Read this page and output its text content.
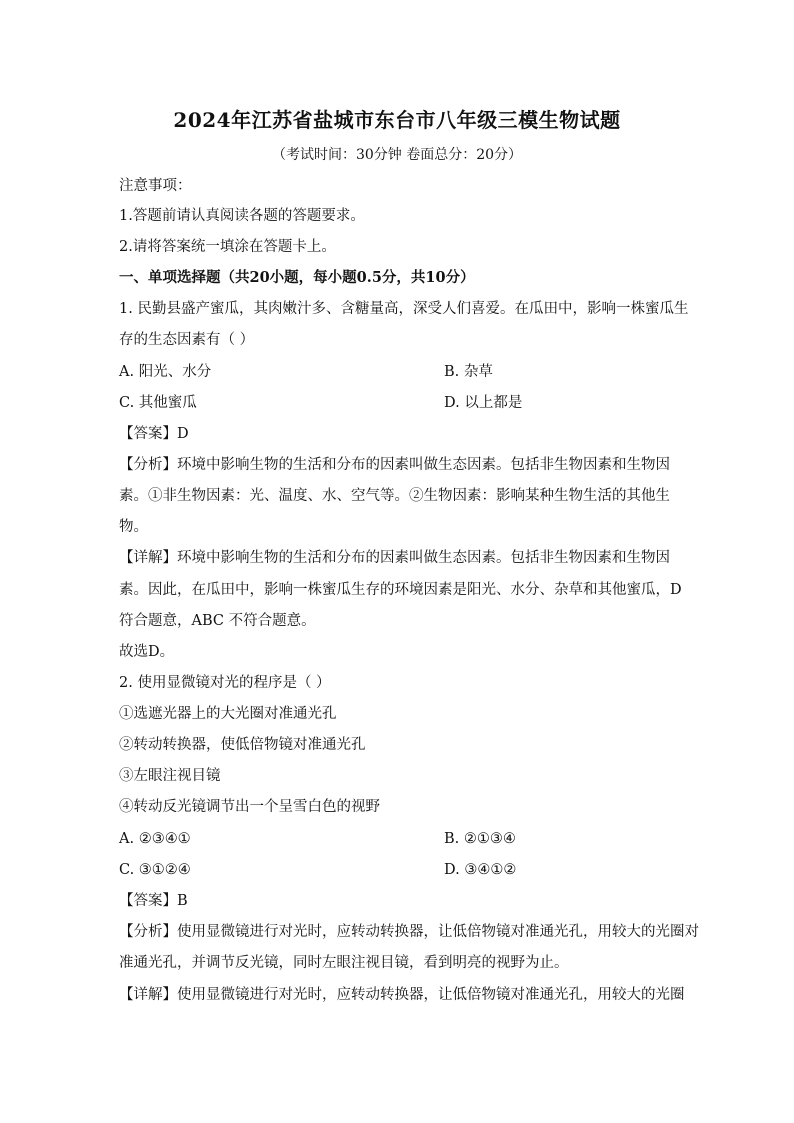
2024年江苏省盐城市东台市八年级三模生物试题
（考试时间：30分钟 卷面总分：20分）
注意事项：
1.答题前请认真阅读各题的答题要求。
2.请将答案统一填涂在答题卡上。
一、单项选择题（共20小题，每小题0.5分，共10分）
1. 民勤县盛产蜜瓜，其肉嫩汁多、含糖量高，深受人们喜爱。在瓜田中，影响一株蜜瓜生
存的生态因素有（ ）
A. 阳光、水分	B. 杂草
C. 其他蜜瓜	D. 以上都是
【答案】D
【分析】环境中影响生物的生活和分布的因素叫做生态因素。包括非生物因素和生物因
素。①非生物因素：光、温度、水、空气等。②生物因素：影响某种生物生活的其他生
物。
【详解】环境中影响生物的生活和分布的因素叫做生态因素。包括非生物因素和生物因
素。因此，在瓜田中，影响一株蜜瓜生存的环境因素是阳光、水分、杂草和其他蜜瓜，D
符合题意，ABC 不符合题意。
故选D。
2. 使用显微镜对光的程序是（ ）
①选遮光器上的大光圈对准通光孔
②转动转换器，使低倍物镜对准通光孔
③左眼注视目镜
④转动反光镜调节出一个呈雪白色的视野
A. ②③④①	B. ②①③④
C. ③①②④	D. ③④①②
【答案】B
【分析】使用显微镜进行对光时，应转动转换器，让低倍物镜对准通光孔，用较大的光圈对
准通光孔，并调节反光镜，同时左眼注视目镜，看到明亮的视野为止。
【详解】使用显微镜进行对光时，应转动转换器，让低倍物镜对准通光孔，用较大的光圈
